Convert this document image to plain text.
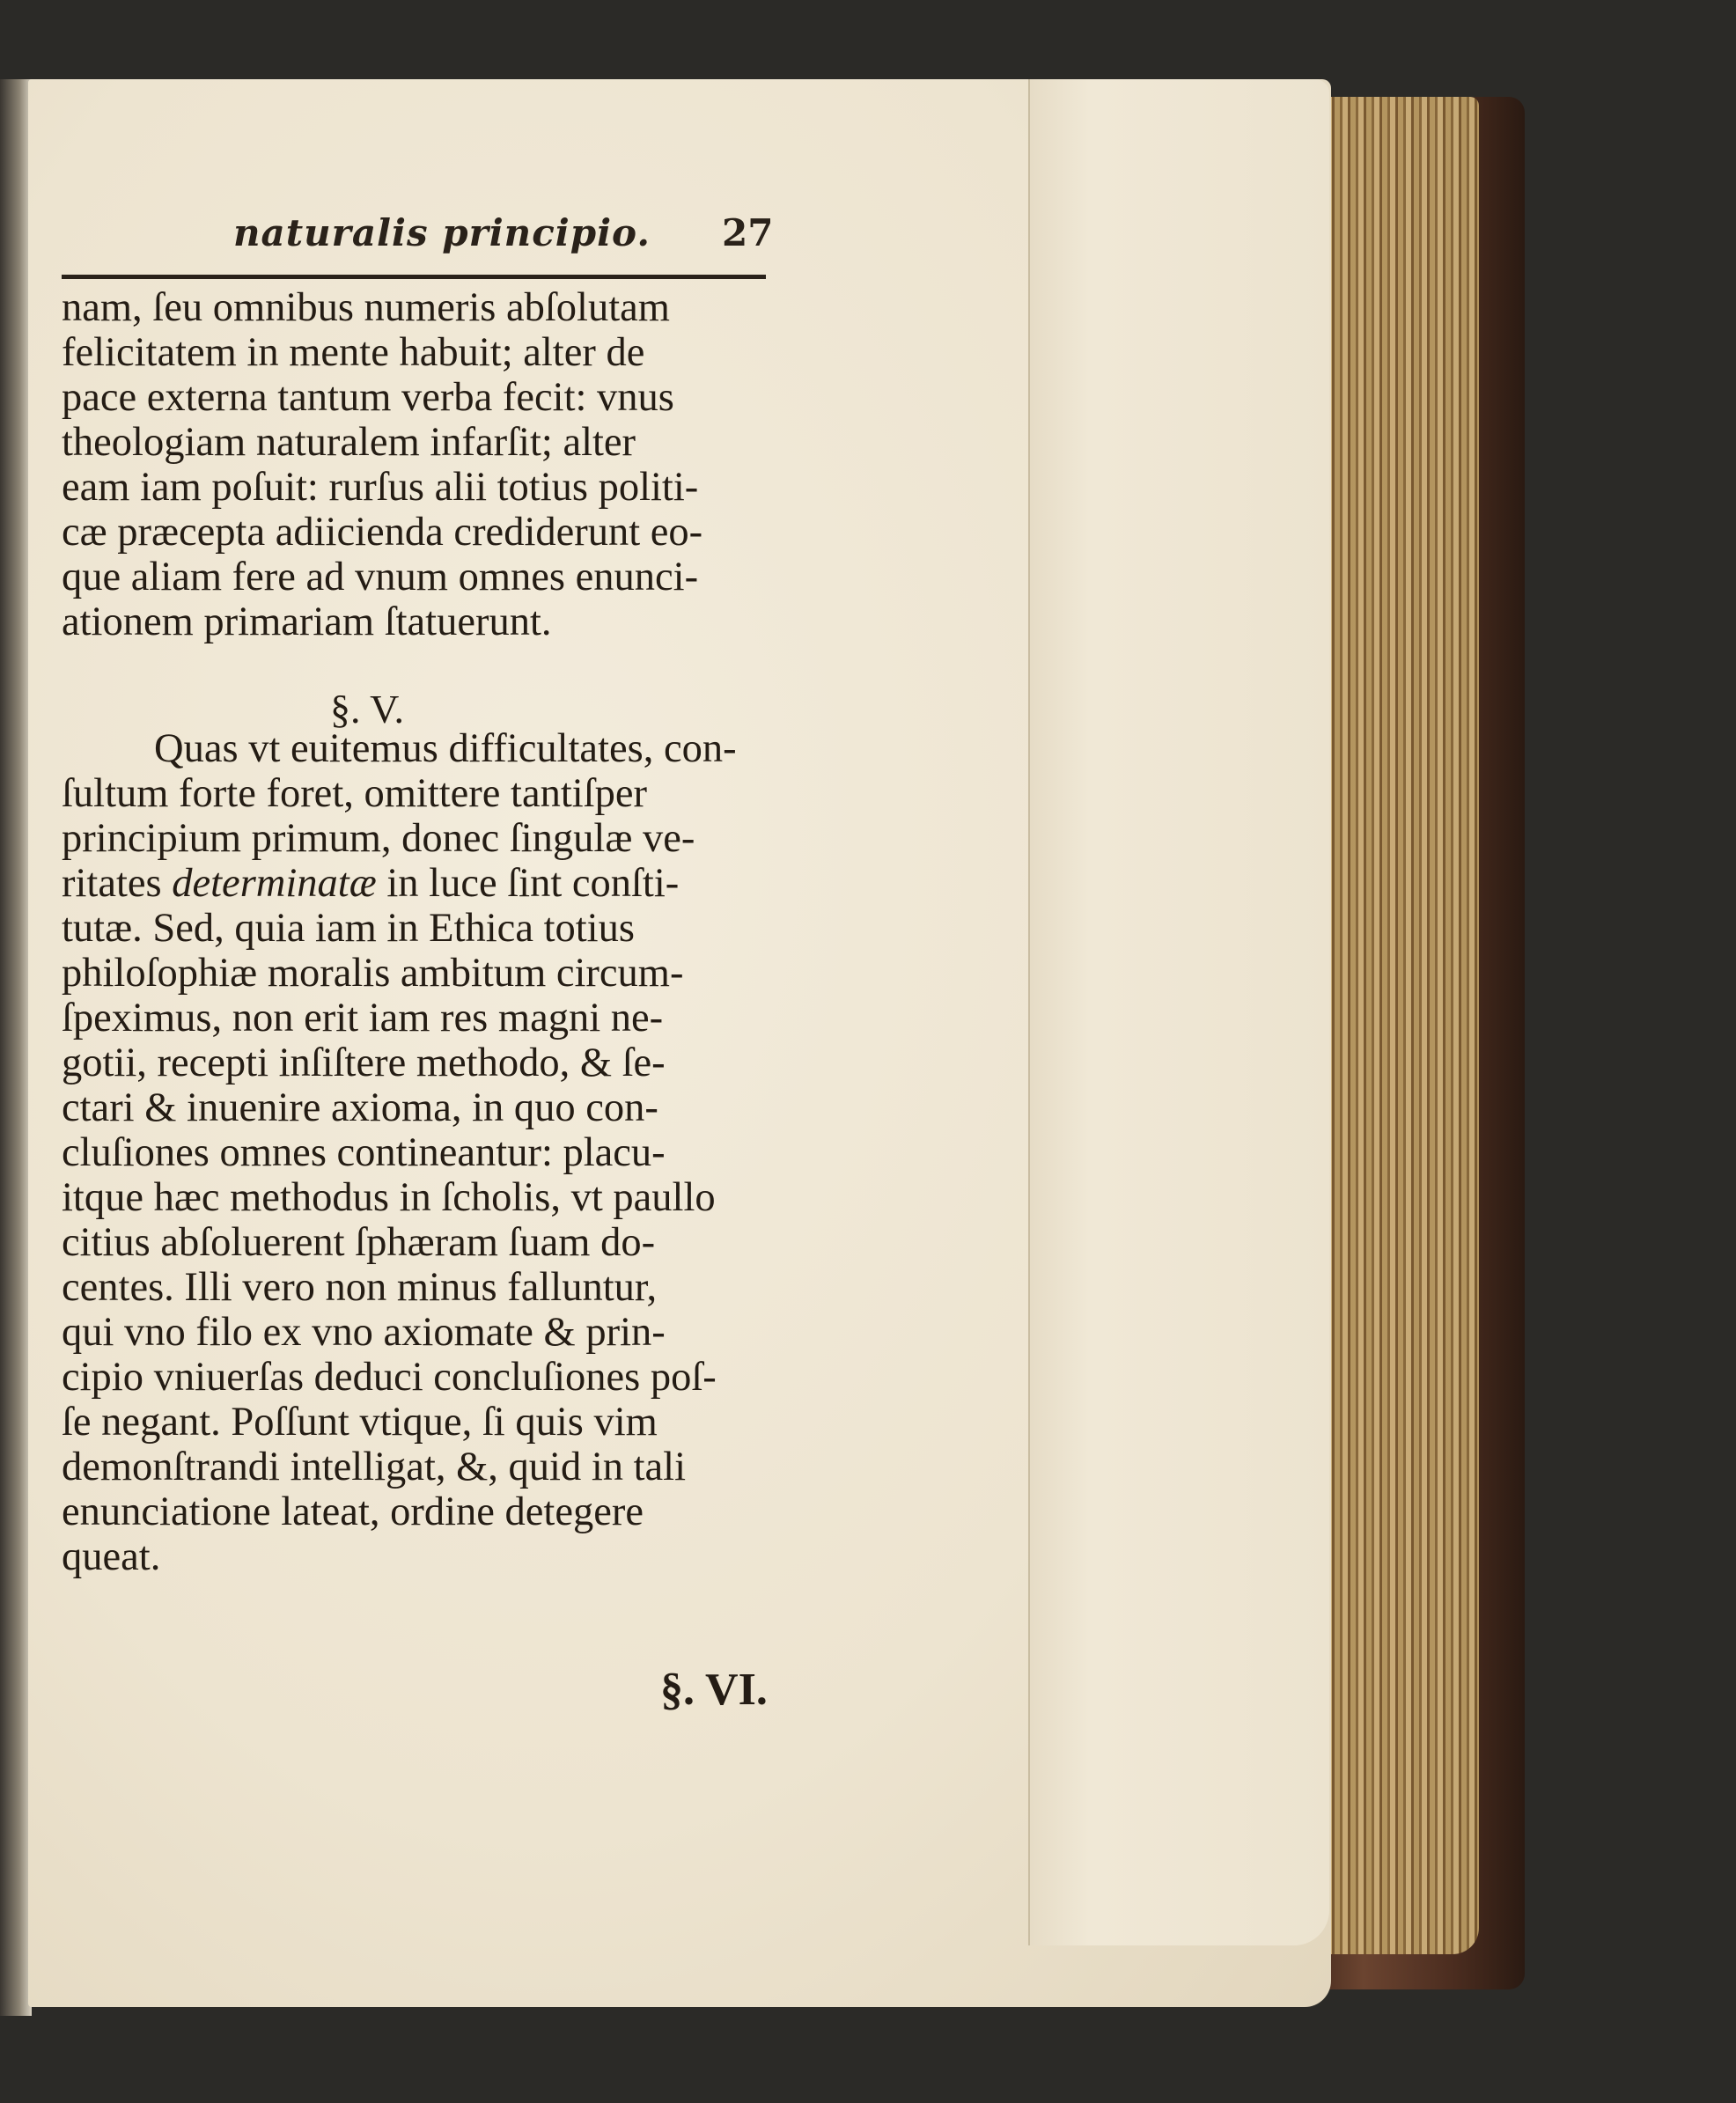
naturalis principio. 27
nam, ſeu omnibus numeris abſolutam
felicitatem in mente habuit; alter de
pace externa tantum verba fecit: vnus
theologiam naturalem infarſit; alter
eam iam poſuit: rurſus alii totius politi-
cæ præcepta adiicienda crediderunt eo-
que aliam fere ad vnum omnes enunci-
ationem primariam ſtatuerunt.
§. V.
Quas vt euitemus difficultates, con-
ſultum forte foret, omittere tantiſper
principium primum, donec ſingulæ ve-
ritates determinatæ in luce ſint conſti-
tutæ. Sed, quia iam in Ethica totius
philoſophiæ moralis ambitum circum-
ſpeximus, non erit iam res magni ne-
gotii, recepti inſiſtere methodo, & ſe-
ctari & inuenire axioma, in quo con-
cluſiones omnes contineantur: placu-
itque hæc methodus in ſcholis, vt paullo
citius abſoluerent ſphæram ſuam do-
centes. Illi vero non minus falluntur,
qui vno filo ex vno axiomate & prin-
cipio vniuerſas deduci concluſiones poſ-
ſe negant. Poſſunt vtique, ſi quis vim
demonſtrandi intelligat, &, quid in tali
enunciatione lateat, ordine detegere
queat.
§. VI.
